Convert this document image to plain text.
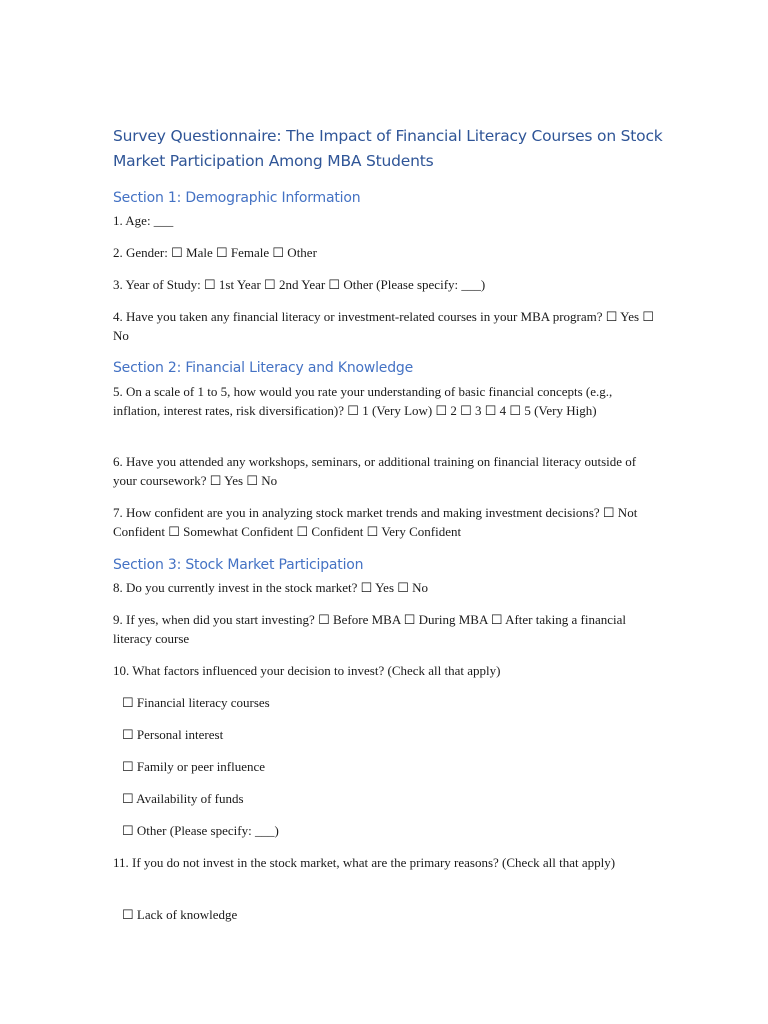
Survey Questionnaire: The Impact of Financial Literacy Courses on Stock Market Participation Among MBA Students
Section 1: Demographic Information

1. Age: ___

2. Gender: ☐ Male ☐ Female ☐ Other

3. Year of Study: ☐ 1st Year ☐ 2nd Year ☐ Other (Please specify: ___)

4. Have you taken any financial literacy or investment-related courses in your MBA program? ☐ Yes ☐ No

Section 2: Financial Literacy and Knowledge

5. On a scale of 1 to 5, how would you rate your understanding of basic financial concepts (e.g., inflation, interest rates, risk diversification)? ☐ 1 (Very Low) ☐ 2 ☐ 3 ☐ 4 ☐ 5 (Very High)

6. Have you attended any workshops, seminars, or additional training on financial literacy outside of your coursework? ☐ Yes ☐ No

7. How confident are you in analyzing stock market trends and making investment decisions? ☐ Not Confident ☐ Somewhat Confident ☐ Confident ☐ Very Confident

Section 3: Stock Market Participation

8. Do you currently invest in the stock market? ☐ Yes ☐ No

9. If yes, when did you start investing? ☐ Before MBA ☐ During MBA ☐ After taking a financial literacy course

10. What factors influenced your decision to invest? (Check all that apply)

☐ Financial literacy courses

☐ Personal interest

☐ Family or peer influence

☐ Availability of funds

☐ Other (Please specify: ___)

11. If you do not invest in the stock market, what are the primary reasons? (Check all that apply)

☐ Lack of knowledge
